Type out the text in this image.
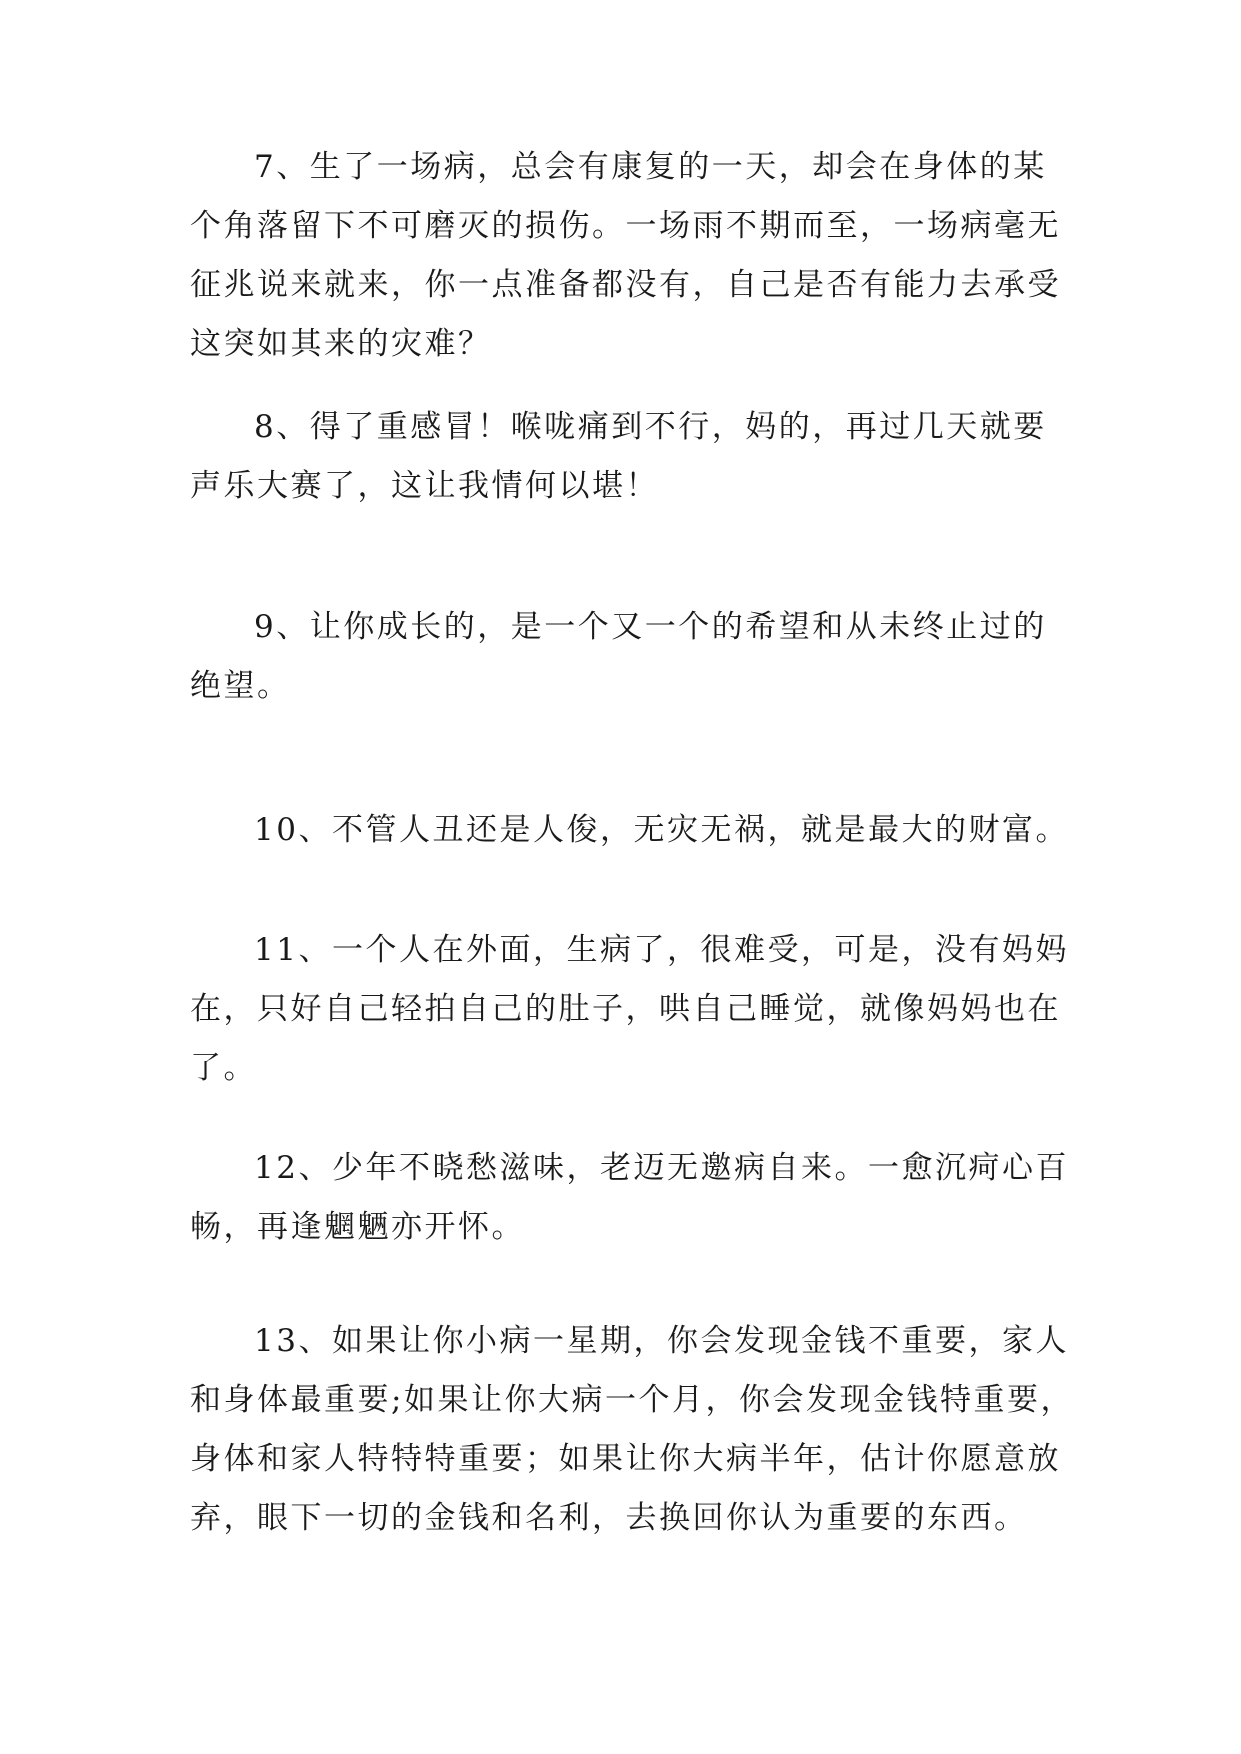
7、生了一场病，总会有康复的一天，却会在身体的某
个角落留下不可磨灭的损伤。一场雨不期而至，一场病毫无
征兆说来就来，你一点准备都没有，自己是否有能力去承受
这突如其来的灾难？
8、得了重感冒！喉咙痛到不行，妈的，再过几天就要
声乐大赛了，这让我情何以堪！
9、让你成长的，是一个又一个的希望和从未终止过的
绝望。
10、不管人丑还是人俊，无灾无祸，就是最大的财富。
11、一个人在外面，生病了，很难受，可是，没有妈妈
在，只好自己轻拍自己的肚子，哄自己睡觉，就像妈妈也在
了。
12、少年不晓愁滋味，老迈无邀病自来。一愈沉疴心百
畅，再逢魍魉亦开怀。
13、如果让你小病一星期，你会发现金钱不重要，家人
和身体最重要;如果让你大病一个月，你会发现金钱特重要，
身体和家人特特特重要；如果让你大病半年，估计你愿意放
弃，眼下一切的金钱和名利，去换回你认为重要的东西。
